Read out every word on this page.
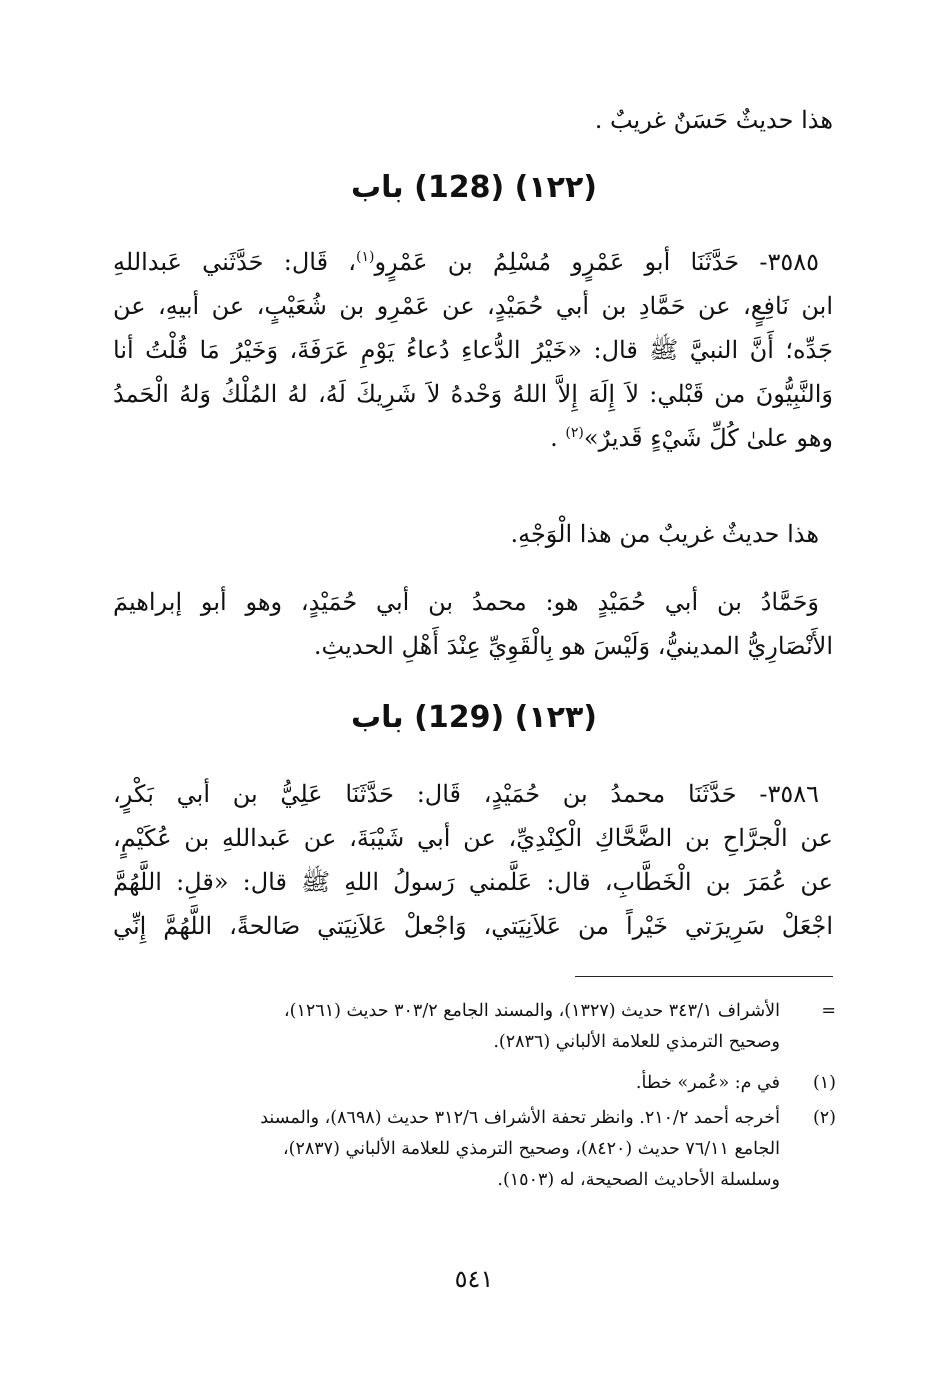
هذا حديثٌ حَسَنٌ غريبٌ .
(١٢٢) (128) باب
٣٥٨٥- حَدَّثَنَا أبو عَمْرٍو مُسْلِمُ بن عَمْرٍو$^{(١)}$، قَال: حَدَّثَني عَبداللهِ
ابن نَافِعٍ، عن حَمَّادِ بن أبي حُمَيْدٍ، عن عَمْرِو بن شُعَيْبٍ، عن أبيهِ، عن
جَدِّه؛ أَنَّ النبيَّ ﷺ قال: «خَيْرُ الدُّعاءِ دُعاءُ يَوْمِ عَرَفَةَ، وَخَيْرُ مَا قُلْتُ أنا
وَالنَّبِيُّونَ من قَبْلي: لاَ إِلَهَ إِلاَّ اللهُ وَحْدهُ لاَ شَرِيكَ لَهُ، لهُ المُلْكُ وَلهُ الْحَمدُ
وهو علىٰ كُلِّ شَيْءٍ قَديرٌ»$^{(٢)}$ .
هذا حديثٌ غريبٌ من هذا الْوَجْهِ.
وَحَمَّادُ بن أبي حُمَيْدٍ هو: محمدُ بن أبي حُمَيْدٍ، وهو أبو إبراهيمَ
الأَنْصَارِيُّ المدينيُّ، وَلَيْسَ هو بِالْقَوِيِّ عِنْدَ أَهْلِ الحديثِ.
(١٢٣) (129) باب
٣٥٨٦- حَدَّثَنَا محمدُ بن حُمَيْدٍ، قَال: حَدَّثَنَا عَلِيُّ بن أبي بَكْرٍ،
عن الْجرَّاحِ بن الضَّحَّاكِ الْكِنْدِيِّ، عن أبي شَيْبَةَ، عن عَبداللهِ بن عُكَيْمٍ،
عن عُمَرَ بن الْخَطَّابِ، قال: عَلَّمني رَسولُ اللهِ ﷺ قال: «قلِ: اللَّهُمَّ
اجْعَلْ سَرِيرَتي خَيْراً من عَلاَنِيَتي، وَاجْعلْ عَلاَنِيَتي صَالحةً، اللَّهُمَّ إِنِّي
=
الأشراف ٣٤٣/١ حديث (١٣٢٧)، والمسند الجامع ٣٠٣/٢ حديث (١٢٦١)،
وصحيح الترمذي للعلامة الألباني (٢٨٣٦).
(١)
في م: «عُمر» خطأ.
(٢)
أخرجه أحمد ٢١٠/٢. وانظر تحفة الأشراف ٣١٢/٦ حديث (٨٦٩٨)، والمسند
الجامع ٧٦/١١ حديث (٨٤٢٠)، وصحيح الترمذي للعلامة الألباني (٢٨٣٧)،
وسلسلة الأحاديث الصحيحة، له (١٥٠٣).
٥٤١
